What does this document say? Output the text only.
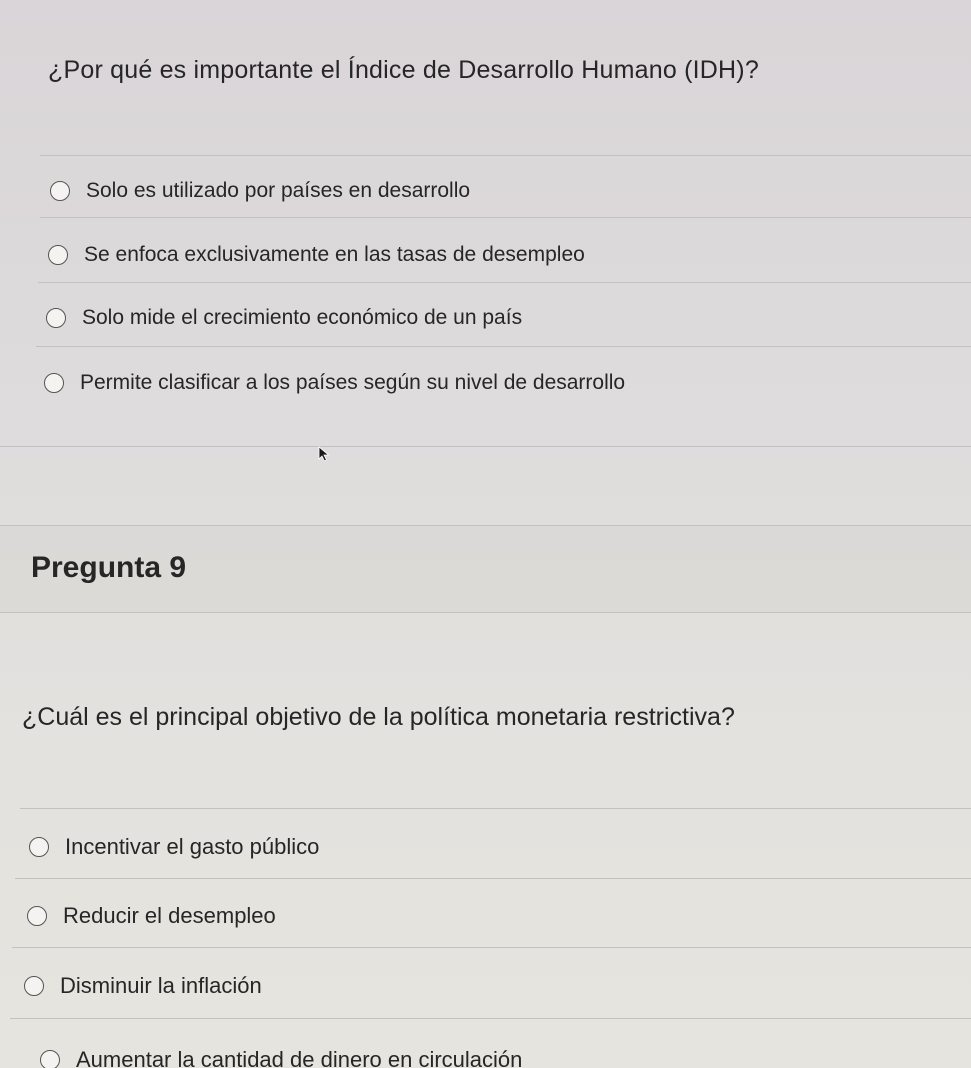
¿Por qué es importante el Índice de Desarrollo Humano (IDH)?
Solo es utilizado por países en desarrollo
Se enfoca exclusivamente en las tasas de desempleo
Solo mide el crecimiento económico de un país
Permite clasificar a los países según su nivel de desarrollo
Pregunta 9
¿Cuál es el principal objetivo de la política monetaria restrictiva?
Incentivar el gasto público
Reducir el desempleo
Disminuir la inflación
Aumentar la cantidad de dinero en circulación
